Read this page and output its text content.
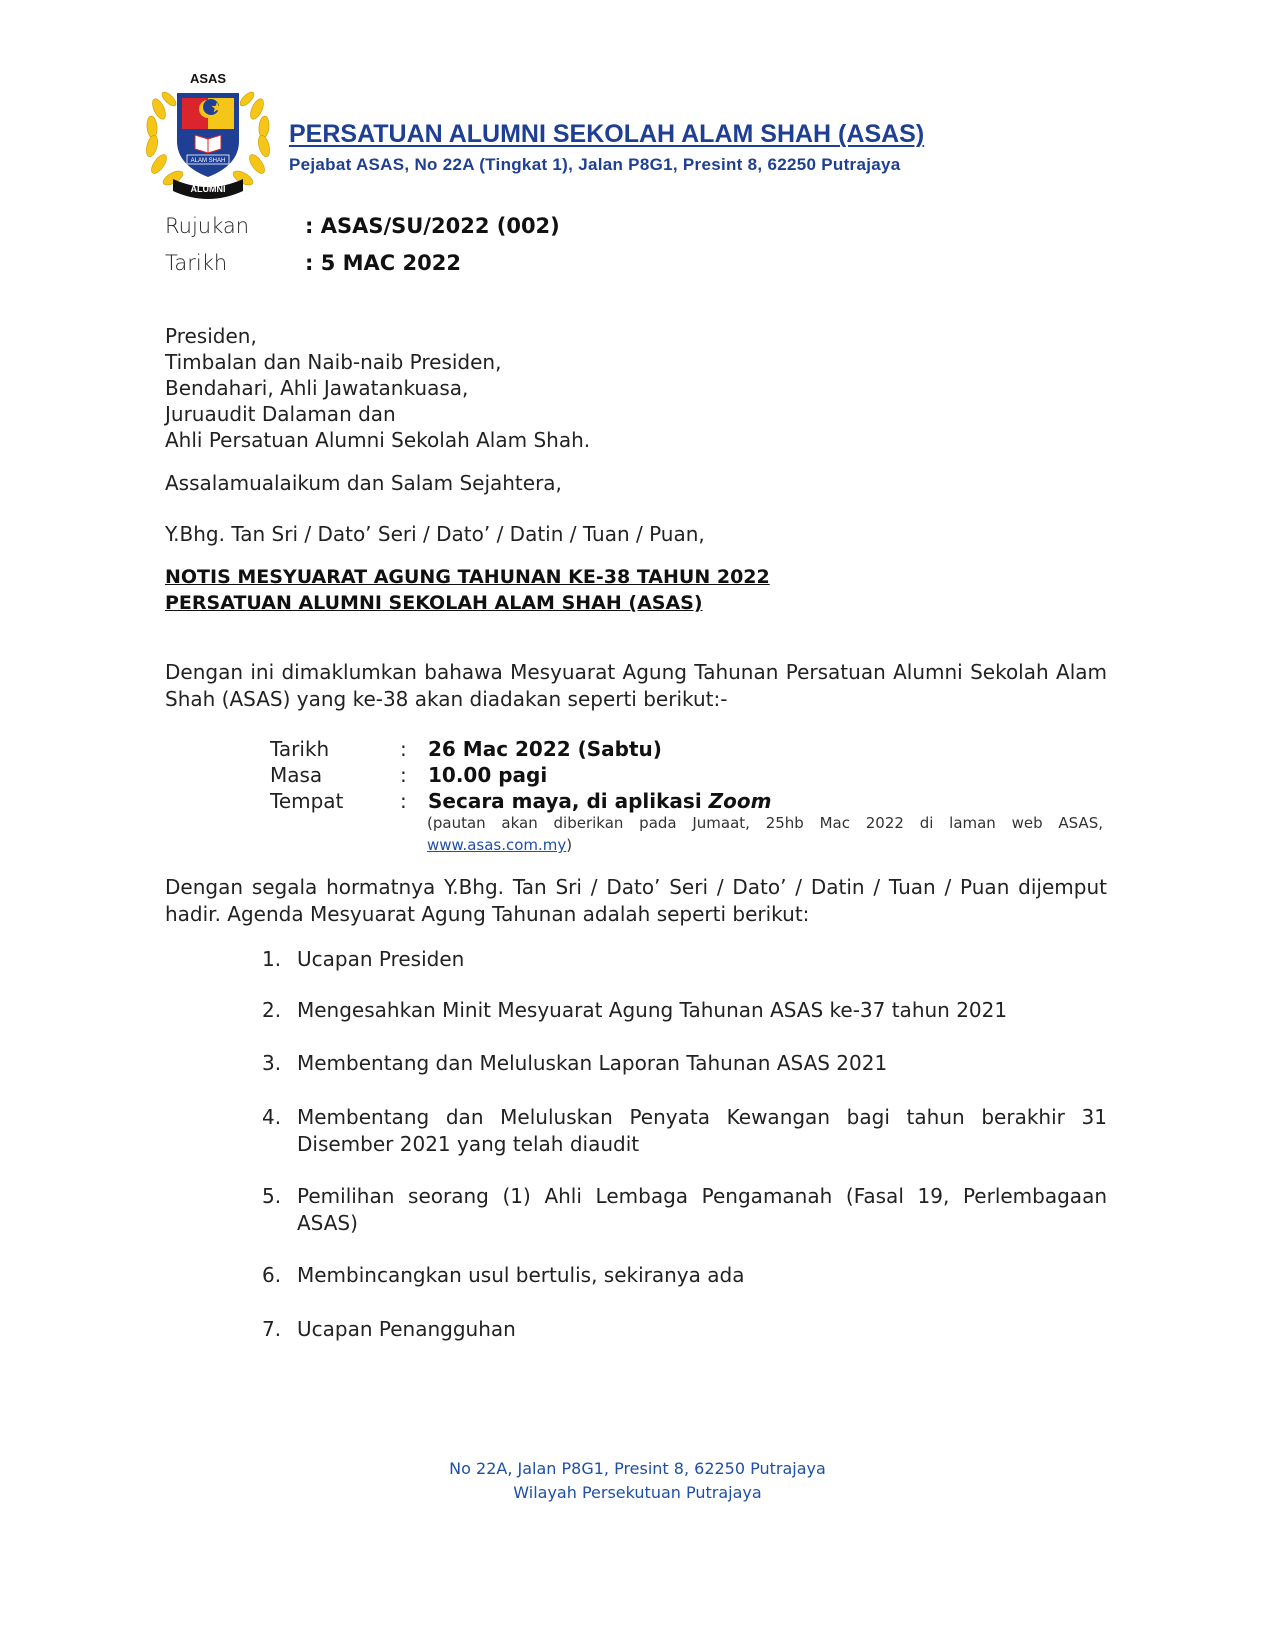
ALAM SHAH
ASAS
ALUMNI
PERSATUAN ALUMNI SEKOLAH ALAM SHAH (ASAS)
Pejabat ASAS, No 22A (Tingkat 1), Jalan P8G1, Presint 8, 62250 Putrajaya
Rujukan	: ASAS/SU/2022 (002)
Tarikh	: 5 MAC 2022
Presiden,
Timbalan dan Naib-naib Presiden,
Bendahari, Ahli Jawatankuasa,
Juruaudit Dalaman dan
Ahli Persatuan Alumni Sekolah Alam Shah.
Assalamualaikum dan Salam Sejahtera,
Y.Bhg. Tan Sri / Dato’ Seri / Dato’ / Datin / Tuan / Puan,
NOTIS MESYUARAT AGUNG TAHUNAN KE-38 TAHUN 2022
PERSATUAN ALUMNI SEKOLAH ALAM SHAH (ASAS)
Dengan ini dimaklumkan bahawa Mesyuarat Agung Tahunan Persatuan Alumni Sekolah Alam Shah (ASAS) yang ke-38 akan diadakan seperti berikut:-
Tarikh	: 26 Mac 2022 (Sabtu)
Masa	: 10.00 pagi
Tempat	: Secara maya, di aplikasi Zoom
(pautan akan diberikan pada Jumaat, 25hb Mac 2022 di laman web ASAS, www.asas.com.my)
Dengan segala hormatnya Y.Bhg. Tan Sri / Dato’ Seri / Dato’ / Datin / Tuan / Puan dijemput hadir. Agenda Mesyuarat Agung Tahunan adalah seperti berikut:
1. Ucapan Presiden
2. Mengesahkan Minit Mesyuarat Agung Tahunan ASAS ke-37 tahun 2021
3. Membentang dan Meluluskan Laporan Tahunan ASAS 2021
4. Membentang dan Meluluskan Penyata Kewangan bagi tahun berakhir 31 Disember 2021 yang telah diaudit
5. Pemilihan seorang (1) Ahli Lembaga Pengamanah (Fasal 19, Perlembagaan ASAS)
6. Membincangkan usul bertulis, sekiranya ada
7. Ucapan Penangguhan
No 22A, Jalan P8G1, Presint 8, 62250 Putrajaya
Wilayah Persekutuan Putrajaya
